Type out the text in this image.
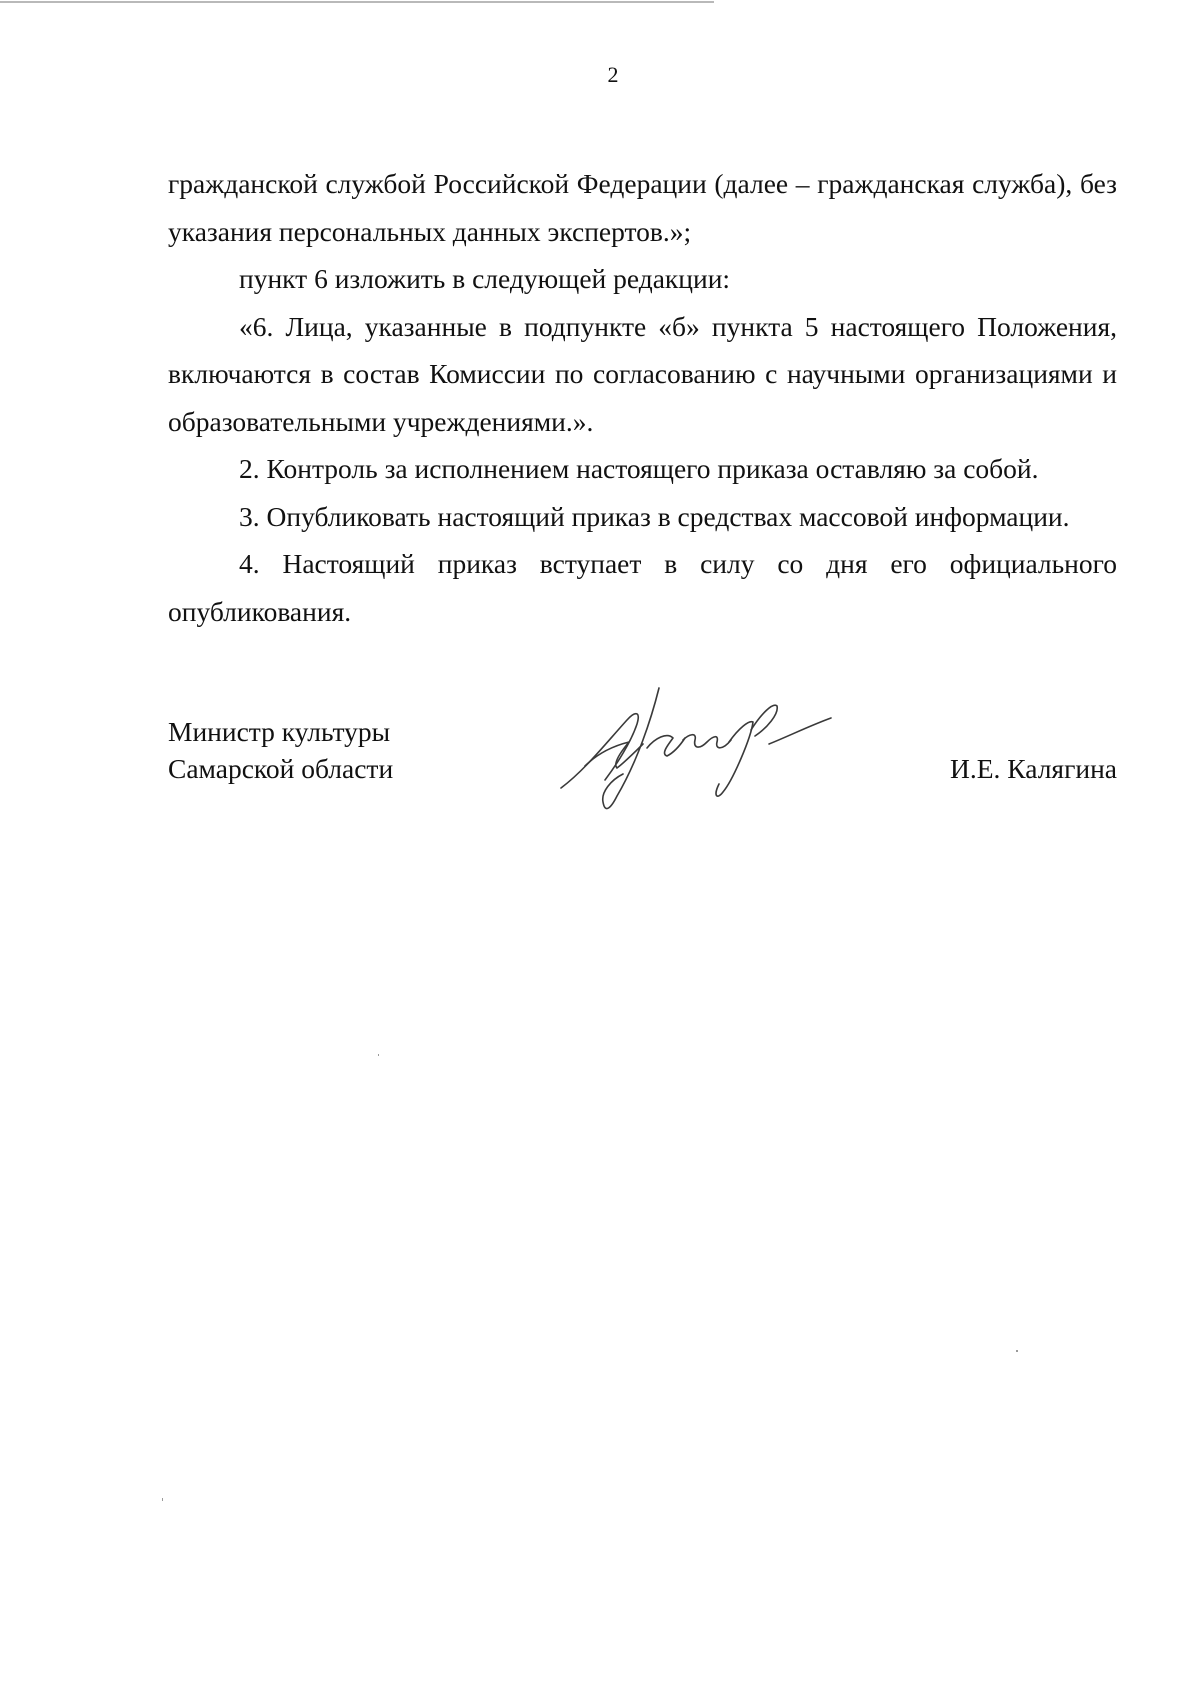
2

гражданской службой Российской Федерации (далее – гражданская служба), без указания персональных данных экспертов.»;

пункт 6 изложить в следующей редакции:

«6. Лица, указанные в подпункте «б» пункта 5 настоящего Положения, включаются в состав Комиссии по согласованию с научными организациями и образовательными учреждениями.».

2. Контроль за исполнением настоящего приказа оставляю за собой.

3. Опубликовать настоящий приказ в средствах массовой информации.

4. Настоящий приказ вступает в силу со дня его официального опубликования.

Министр культуры
Самарской области	И.Е. Калягина
